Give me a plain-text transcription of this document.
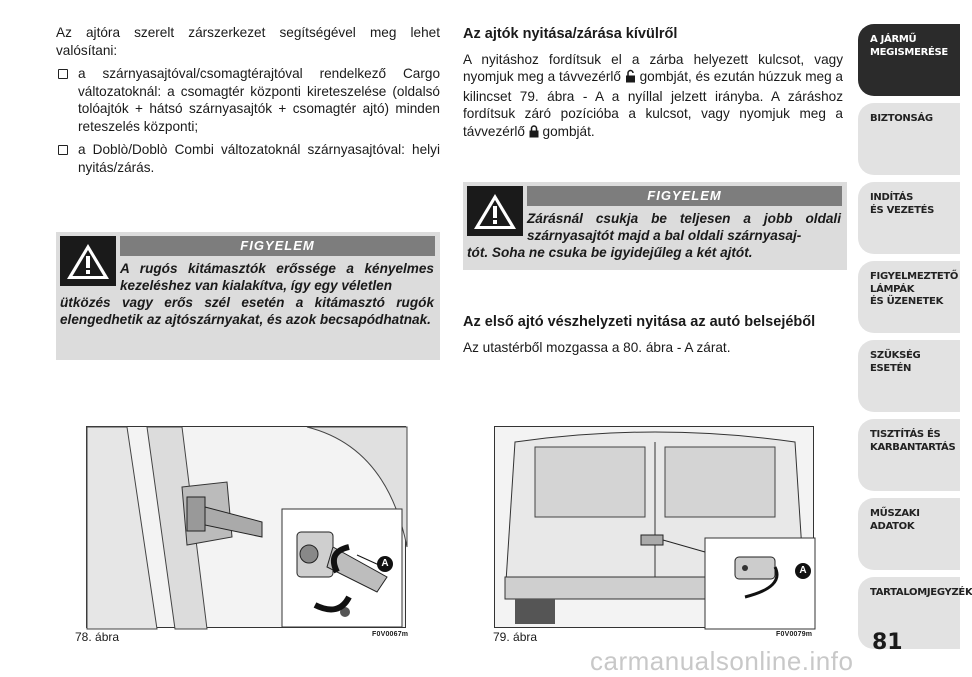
Az ajtóra szerelt zárszerkezet segítségével meg lehet valósítani:

a szárnyasajtóval/csomagtérajtóval rendelkező Cargo változatoknál: a csomagtér központi kireteszelése (oldalsó tolóajtók + hátsó szárnyasajtók + csomagtér ajtó) minden reteszelés központi;
a Doblò/Doblò Combi változatoknál szárnyasajtóval: helyi nyitás/zárás.
FIGYELEM
A rugós kitámasztók erőssége a kényelmes kezeléshez van kialakítva, így egy véletlen
ütközés vagy erős szél esetén a kitámasztó rugók elengedhetik az ajtószárnyakat, és azok becsapódhatnak.
Az ajtók nyitása/zárása kívülről

A nyitáshoz fordítsuk el a zárba helyezett kulcsot, vagy nyomjuk meg a távvezérlő gombját, és ezután húzzuk meg a kilincset 79. ábra - A a nyíllal jelzett irányba. A záráshoz fordítsuk záró pozícióba a kulcsot, vagy nyomjuk meg a távvezérlő gombját.

FIGYELEM
Zárásnál csukja be teljesen a jobb oldali szárnyasajtót majd a bal oldali szárnyasaj-
tót. Soha ne csuka be igyidejűleg a két ajtót.
Az első ajtó vészhelyzeti nyitása az autó belsejéből

Az utastérből mozgassa a 80. ábra - A zárat.

A
78. ábra	F0V0067m
A
79. ábra	F0V0079m
A JÁRMŰ
MEGISMERÉSE
BIZTONSÁG
INDÍTÁS
ÉS VEZETÉS
FIGYELMEZTETŐ
LÁMPÁK
ÉS ÜZENETEK
SZÜKSÉG
ESETÉN
TISZTÍTÁS ÉS
KARBANTARTÁS
MŰSZAKI
ADATOK
TARTALOMJEGYZÉK
81
carmanualsonline.info
